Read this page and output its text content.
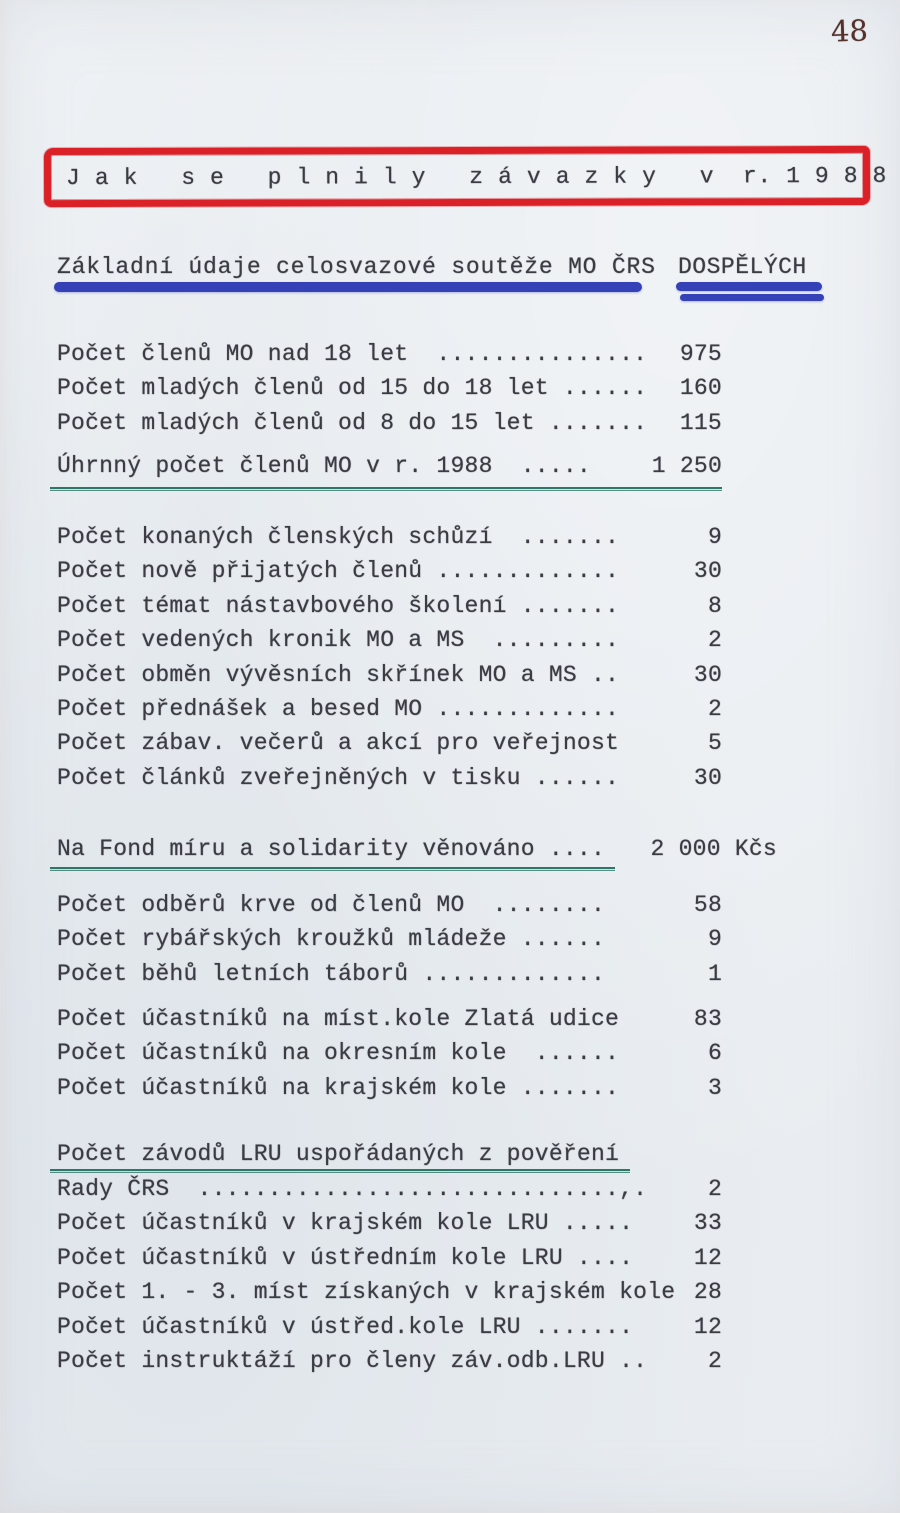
48
J a k   s e   p l n i l y   z á v a z k y   v  r. 1 9 8 8
Základní údaje celosvazové soutěže MO ČRS DOSPĚLÝCH
Počet členů MO nad 18 let  ............... 975
Počet mladých členů od 15 do 18 let ...... 160
Počet mladých členů od 8 do 15 let ....... 115
Úhrnný počet členů MO v r. 1988  .....	1 250
Počet konaných členských schůzí  .......	9
Počet nově přijatých členů .............	30
Počet témat nástavbového školení .......	8
Počet vedených kronik MO a MS  .........	2
Počet obměn vývěsních skřínek MO a MS ..	30
Počet přednášek a besed MO .............	2
Počet zábav. večerů a akcí pro veřejnost	5
Počet článků zveřejněných v tisku ......	30
Na Fond míru a solidarity věnováno .... 2 000 Kčs
Počet odběrů krve od členů MO  ........	58
Počet rybářských kroužků mládeže ......	9
Počet běhů letních táborů .............	1
Počet účastníků na míst.kole Zlatá udice	83
Počet účastníků na okresním kole  ......	6
Počet účastníků na krajském kole .......	3
Počet závodů LRU uspořádaných z pověření
Rady ČRS  ..............................,.	2
Počet účastníků v krajském kole LRU .....	33
Počet účastníků v ústředním kole LRU ....	12
Počet 1. - 3. míst získaných v krajském kole 28
Počet účastníků v ústřed.kole LRU .......	12
Počet instruktáží pro členy záv.odb.LRU ..	2
